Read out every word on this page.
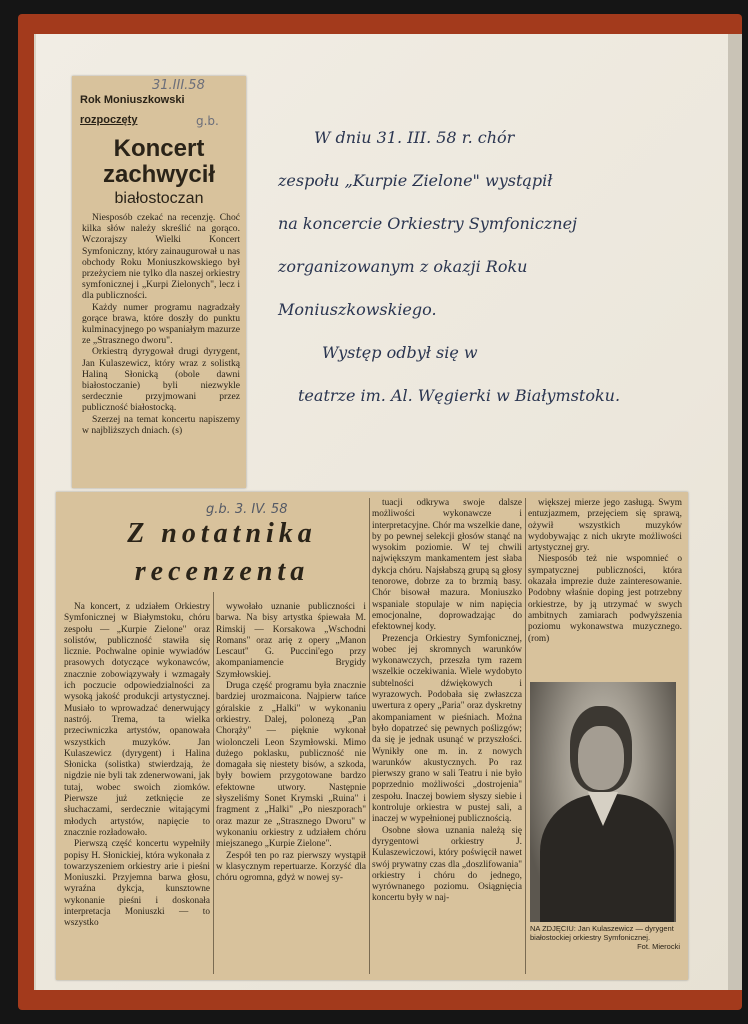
31.III.58
Rok Moniuszkowski
rozpoczęty	g.b.
Koncert
zachwycił
białostoczan

Niesposób czekać na recenzję. Choć kilka słów należy skreślić na gorąco. Wczorajszy Wielki Koncert Symfoniczny, który zainaugurował u nas obchody Roku Moniuszkowskiego był przeżyciem nie tylko dla naszej orkiestry symfonicznej i „Kurpi Zielonych", lecz i dla publiczności.

Każdy numer programu nagradzały gorące brawa, które doszły do punktu kulminacyjnego po wspaniałym mazurze ze „Strasznego dworu".

Orkiestrą dyrygował drugi dyrygent, Jan Kulaszewicz, który wraz z solistką Haliną Słonicką (obole dawni białostoczanie) byli niezwykle serdecznie przyjmowani przez publiczność białostocką.

Szerzej na temat koncertu napiszemy w najbliższych dniach. (s)

W dniu 31. III. 58 r. chór
zespołu „Kurpie Zielone" wystąpił
na koncercie Orkiestry Symfonicznej
zorganizowanym z okazji Roku
Moniuszkowskiego.
Występ odbył się w
teatrze im. Al. Węgierki w Białymstoku.
g.b. 3. IV. 58
Z notatnika
recenzenta

Na koncert, z udziałem Orkiestry Symfonicznej w Białymstoku, chóru zespołu — „Kurpie Zielone" oraz solistów, publiczność stawiła się licznie. Pochwalne opinie wywiadów prasowych dotyczące wykonawców, znacznie zobowiązywały i wzmagały ich poczucie odpowiedzialności za wysoką jakość produkcji artystycznej. Musiało to wprowadzać denerwujący nastrój. Trema, ta wielka przeciwniczka artystów, opanowała wszystkich muzyków. Jan Kulaszewicz (dyrygent) i Halina Słonicka (solistka) stwierdzają, że nigdzie nie byli tak zdenerwowani, jak tutaj, wobec swoich ziomków. Pierwsze już zetknięcie ze słuchaczami, serdecznie witającymi młodych artystów, napięcie to znacznie rozładowało.

Pierwszą część koncertu wypełniły popisy H. Słonickiej, która wykonała z towarzyszeniem orkiestry arie i pieśni Moniuszki. Przyjemna barwa głosu, wyraźna dykcja, kunsztowne wykonanie pieśni i doskonała interpretacja Moniuszki — to wszystko

wywołało uznanie publiczności i barwa. Na bisy artystka śpiewała M. Rimskij — Korsakowa „Wschodni Romans" oraz arię z opery „Manon Lescaut" G. Puccini'ego przy akompaniamencie Brygidy Szymłowskiej.

Druga część programu była znacznie bardziej urozmaicona. Najpierw tańce góralskie z „Halki" w wykonaniu orkiestry. Dalej, polonezą „Pan Chorąży" — pięknie wykonał wiolonczeli Leon Szymłowski. Mimo dużego poklasku, publiczność nie domagała się niestety bisów, a szkoda, były bowiem przygotowane bardzo efektowne utwory. Następnie słyszeliśmy Sonet Krymski „Ruina" i fragment z „Halki" „Po nieszporach" oraz mazur ze „Strasznego Dworu" w wykonaniu orkiestry z udziałem chóru miejszanego „Kurpie Zielone".

Zespół ten po raz pierwszy wystąpił w klasycznym repertuarze. Korzyść dla chóru ogromna, gdyż w nowej sy-

tuacji odkrywa swoje dalsze możliwości wykonawcze i interpretacyjne. Chór ma wszelkie dane, by po pewnej selekcji głosów stanąć na wysokim poziomie. W tej chwili największym mankamentem jest słaba dykcja chóru. Najsłabszą grupą są głosy tenorowe, dobrze za to brzmią basy. Chór bisował mazura. Moniuszko wspaniale stopulaje w nim napięcia emocjonalne, doprowadzając do efektownej kody.

Prezencja Orkiestry Symfonicznej, wobec jej skromnych warunków wykonawczych, przeszła tym razem wszelkie oczekiwania. Wiele wydobyto subtelności dźwiękowych i wyrazowych. Podobała się zwłaszcza uwertura z opery „Paria" oraz dyskretny akompaniament w pieśniach. Można było dopatrzeć się pewnych poślizgów; da się je jednak usunąć w przyszłości. Wynikły one m. in. z nowych warunków akustycznych. Po raz pierwszy grano w sali Teatru i nie było poprzednio możliwości „dostrojenia" zespołu. Inaczej bowiem słyszy siebie i kontroluje orkiestra w pustej sali, a inaczej w wypełnionej publicznością.

Osobne słowa uznania należą się dyrygentowi orkiestry J. Kulaszewiczowi, który poświęcił nawet swój prywatny czas dla „doszlifowania" orkiestry i chóru do jednego, wyrównanego poziomu. Osiągnięcia koncertu były w naj-

większej mierze jego zasługą. Swym entuzjazmem, przejęciem się sprawą, ożywił wszystkich muzyków wydobywając z nich ukryte możliwości artystycznej gry.

Niesposób też nie wspomnieć o sympatycznej publiczności, która okazała imprezie duże zainteresowanie. Podobny właśnie doping jest potrzebny orkiestrze, by ją utrzymać w swych ambitnych zamiarach podwyższenia poziomu wykonawstwa muzycznego. (rom)

NA ZDJĘCIU: Jan Kulaszewicz — dyrygent białostockiej orkiestry Symfonicznej.
Fot. Mierocki
